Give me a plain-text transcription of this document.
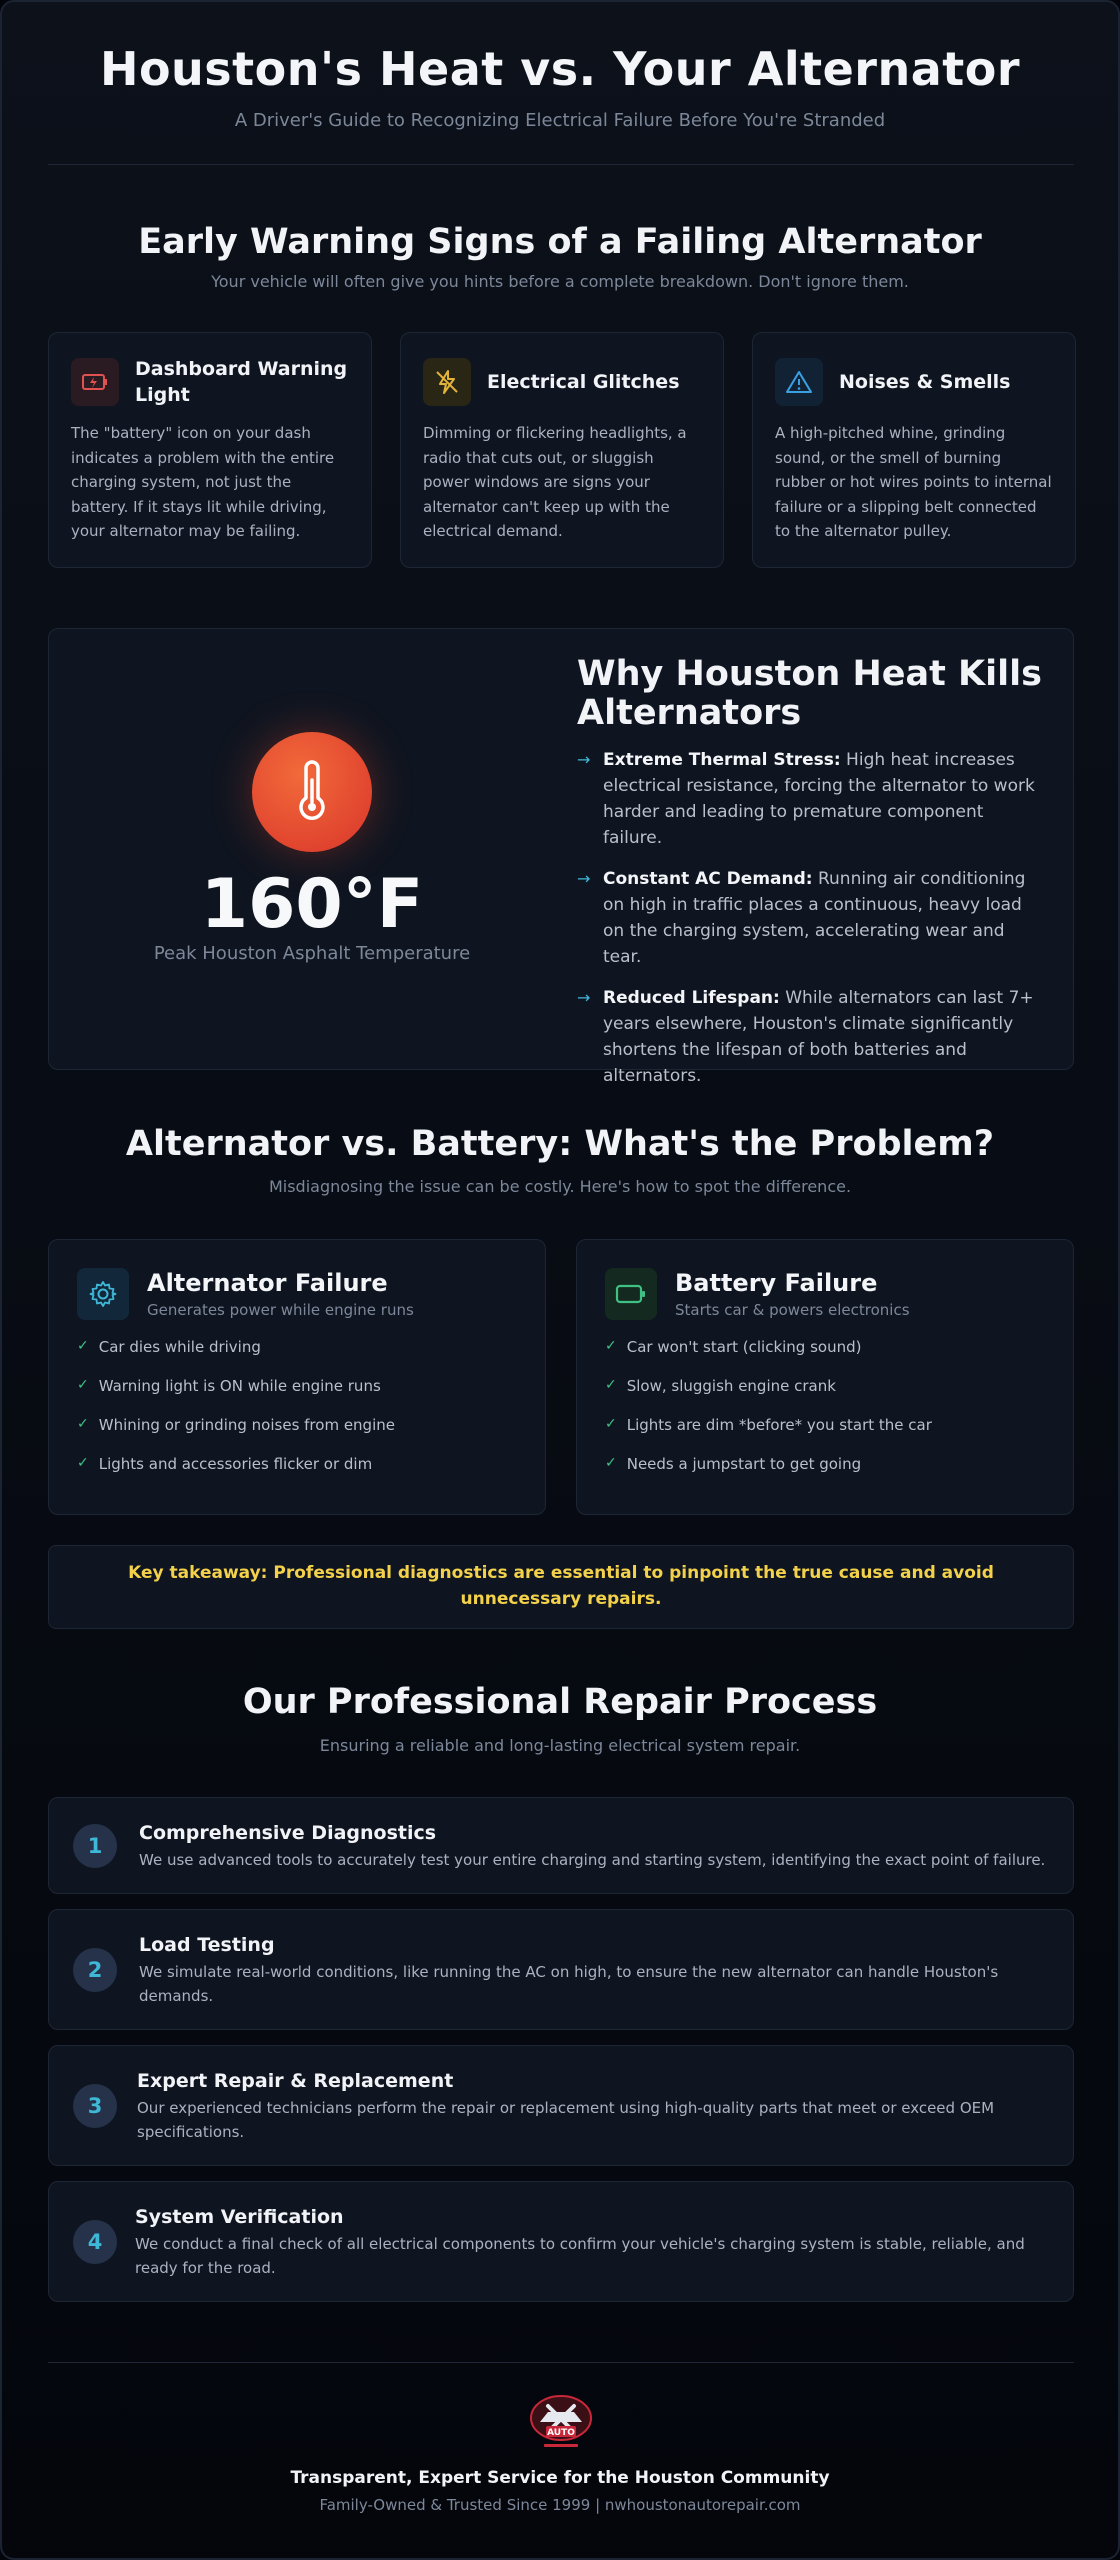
Houston's Heat vs. Your Alternator
A Driver's Guide to Recognizing Electrical Failure Before You're Stranded
Early Warning Signs of a Failing Alternator
Your vehicle will often give you hints before a complete breakdown. Don't ignore them.
Dashboard Warning Light
The "battery" icon on your dash indicates a problem with the entire charging system, not just the battery. If it stays lit while driving, your alternator may be failing.
Electrical Glitches
Dimming or flickering headlights, a radio that cuts out, or sluggish power windows are signs your alternator can't keep up with the electrical demand.
Noises & Smells
A high-pitched whine, grinding sound, or the smell of burning rubber or hot wires points to internal failure or a slipping belt connected to the alternator pulley.
160°F
Peak Houston Asphalt Temperature
Why Houston Heat Kills Alternators
→ Extreme Thermal Stress: High heat increases electrical resistance, forcing the alternator to work harder and leading to premature component failure.
→ Constant AC Demand: Running air conditioning on high in traffic places a continuous, heavy load on the charging system, accelerating wear and tear.
→ Reduced Lifespan: While alternators can last 7+ years elsewhere, Houston's climate significantly shortens the lifespan of both batteries and alternators.
Alternator vs. Battery: What's the Problem?
Misdiagnosing the issue can be costly. Here's how to spot the difference.
Alternator Failure
Generates power while engine runs
✓ Car dies while driving
✓ Warning light is ON while engine runs
✓ Whining or grinding noises from engine
✓ Lights and accessories flicker or dim
Battery Failure
Starts car & powers electronics
✓ Car won't start (clicking sound)
✓ Slow, sluggish engine crank
✓ Lights are dim *before* you start the car
✓ Needs a jumpstart to get going
Key takeaway: Professional diagnostics are essential to pinpoint the true cause and avoid unnecessary repairs.
Our Professional Repair Process
Ensuring a reliable and long-lasting electrical system repair.
1
Comprehensive Diagnostics
We use advanced tools to accurately test your entire charging and starting system, identifying the exact point of failure.
2
Load Testing
We simulate real-world conditions, like running the AC on high, to ensure the new alternator can handle Houston's demands.
3
Expert Repair & Replacement
Our experienced technicians perform the repair or replacement using high-quality parts that meet or exceed OEM specifications.
4
System Verification
We conduct a final check of all electrical components to confirm your vehicle's charging system is stable, reliable, and ready for the road.
AUTO
Transparent, Expert Service for the Houston Community
Family-Owned & Trusted Since 1999 | nwhoustonautorepair.com
